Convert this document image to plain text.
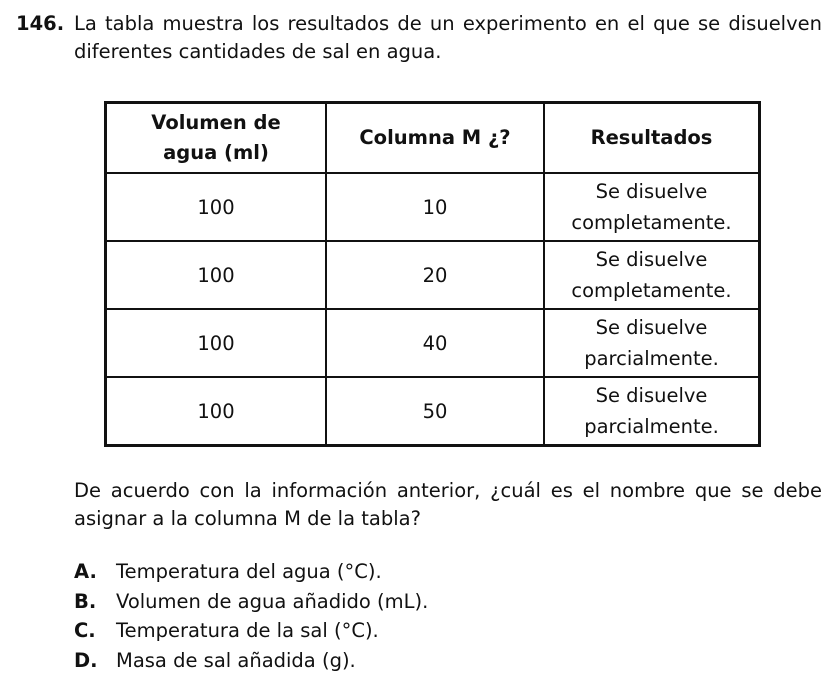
146. La tabla muestra los resultados de un experimento en el que se disuelven diferentes cantidades de sal en agua.
Volumen de
agua (ml)	Columna M ¿?	Resultados
100	10	Se disuelve
completamente.
100	20	Se disuelve
completamente.
100	40	Se disuelve
parcialmente.
100	50	Se disuelve
parcialmente.
De acuerdo con la información anterior, ¿cuál es el nombre que se debe asignar a la columna M de la tabla?
A. Temperatura del agua (°C).
B. Volumen de agua añadido (mL).
C. Temperatura de la sal (°C).
D. Masa de sal añadida (g).
